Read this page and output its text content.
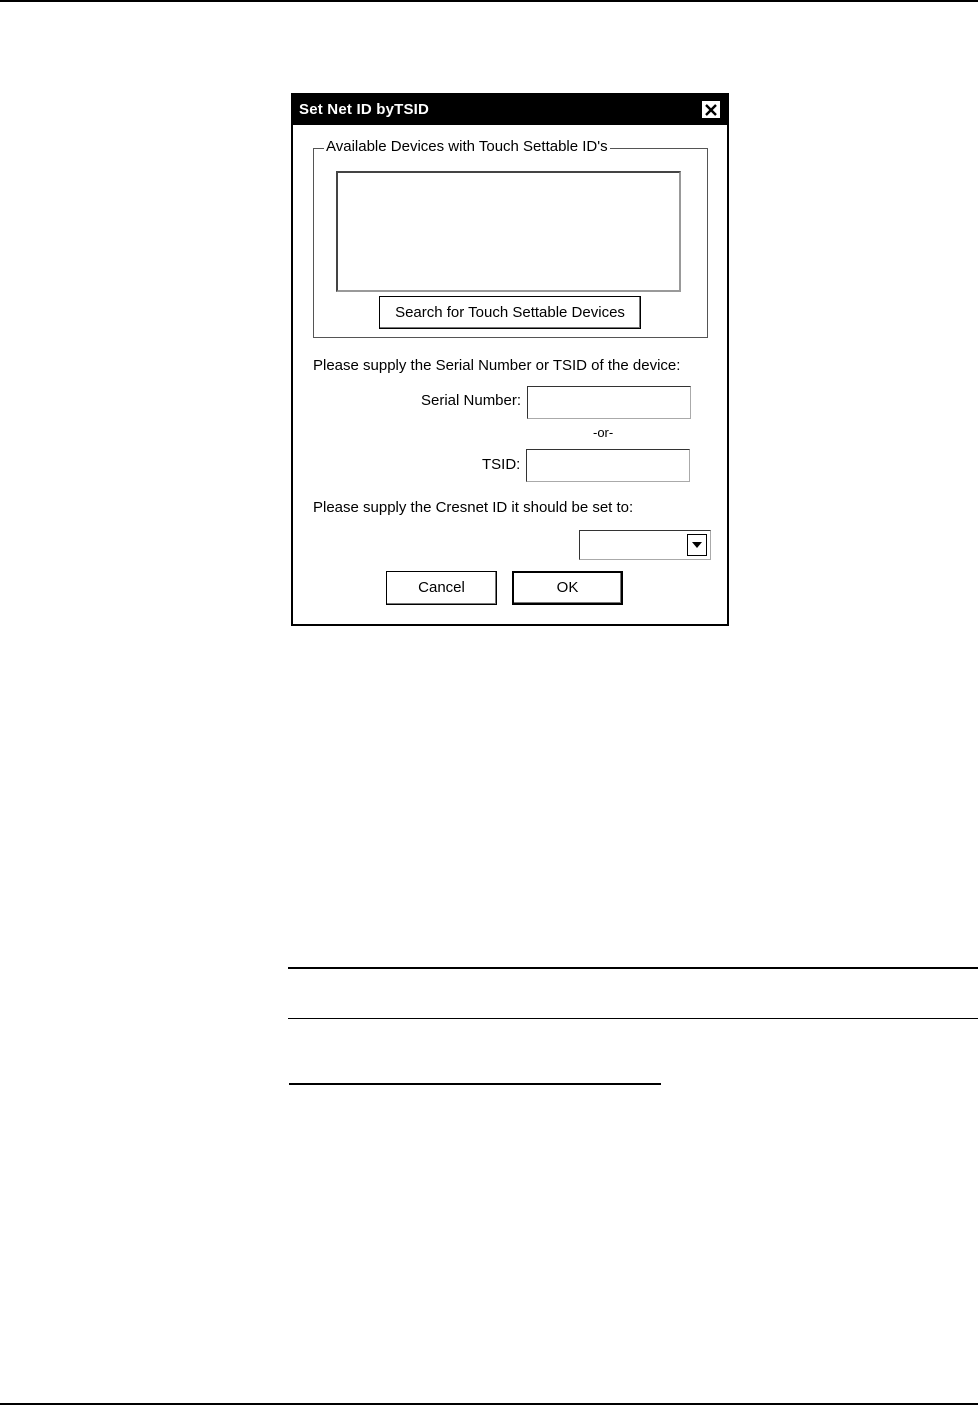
Set Net ID byTSID
Available Devices with Touch Settable ID's
Search for Touch Settable Devices
Please supply the Serial Number or TSID of the device:
Serial Number:
-or-
TSID:
Please supply the Cresnet ID it should be set to:
Cancel	OK
